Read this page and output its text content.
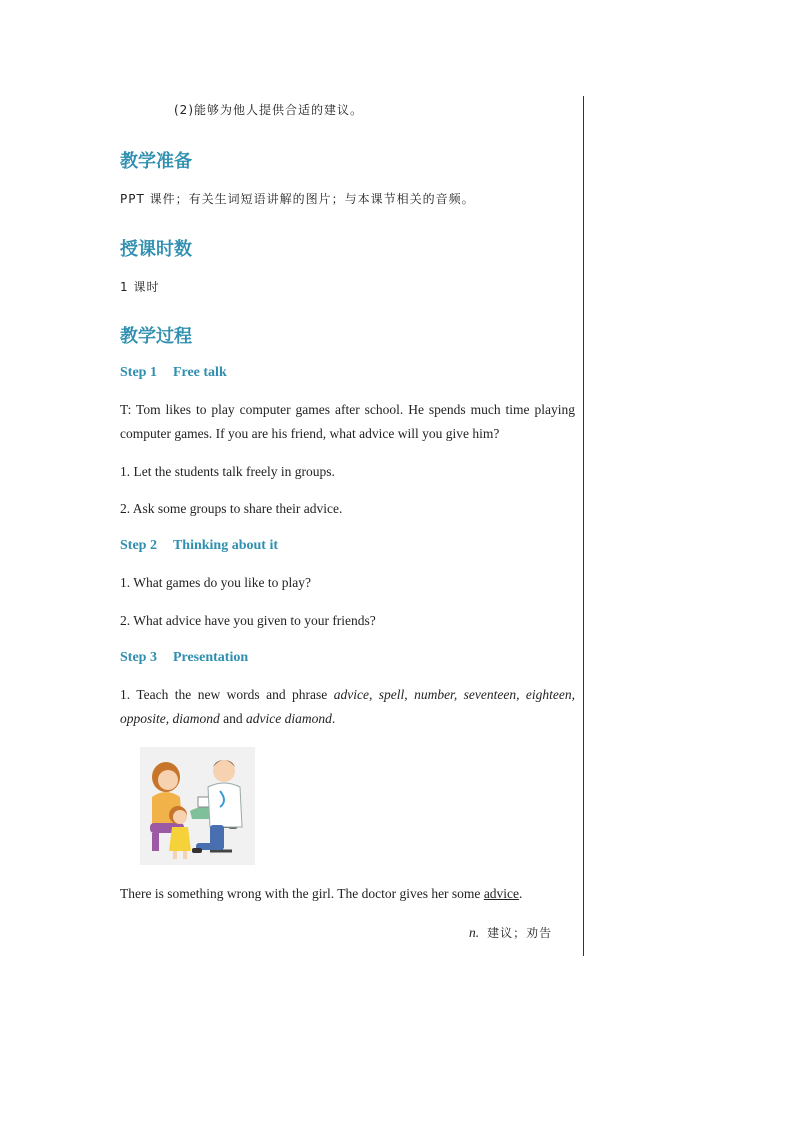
(2)能够为他人提供合适的建议。
教学准备
PPT 课件；有关生词短语讲解的图片；与本课节相关的音频。
授课时数
1 课时
教学过程
Step 1 Free talk
T: Tom likes to play computer games after school. He spends much time playing computer games. If you are his friend, what advice will you give him?
1. Let the students talk freely in groups.
2. Ask some groups to share their advice.
Step 2 Thinking about it
1. What games do you like to play?
2. What advice have you given to your friends?
Step 3 Presentation
1. Teach the new words and phrase advice, spell, number, seventeen, eighteen, opposite, diamond and advice diamond.
There is something wrong with the girl. The doctor gives her some advice.
n. 建议；劝告
